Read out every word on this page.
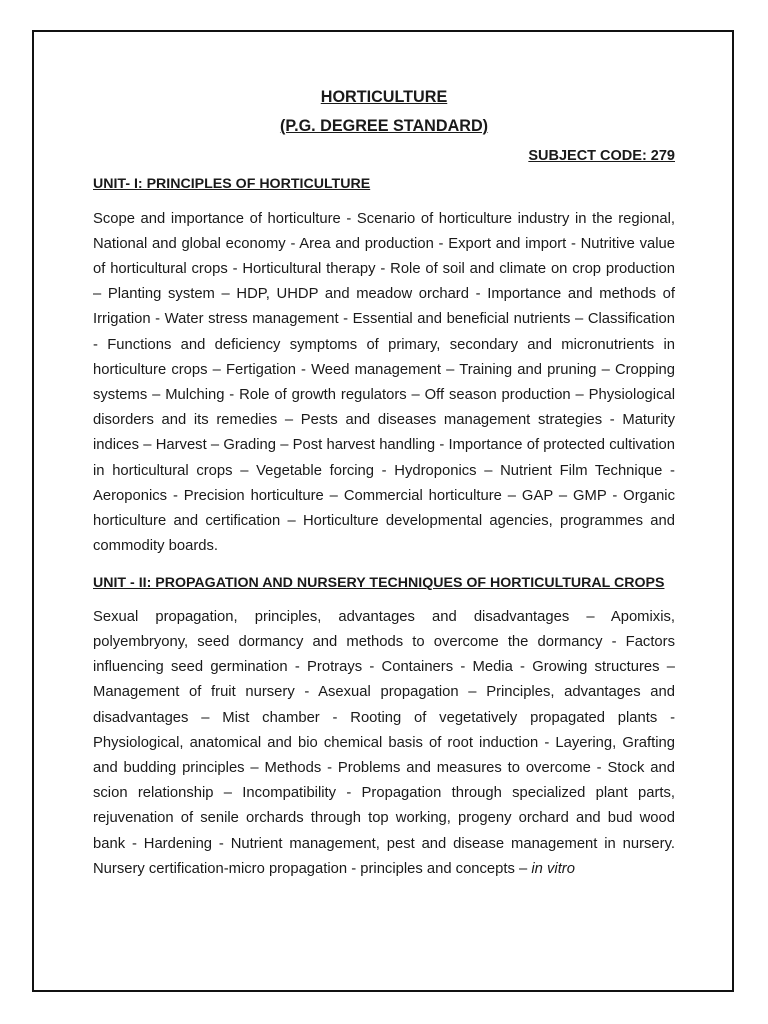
HORTICULTURE

(P.G. DEGREE STANDARD)

SUBJECT CODE: 279

UNIT- I: PRINCIPLES OF HORTICULTURE

Scope and importance of horticulture - Scenario of horticulture industry in the regional, National and global economy - Area and production - Export and import - Nutritive value of horticultural crops - Horticultural therapy - Role of soil and climate on crop production – Planting system – HDP, UHDP and meadow orchard - Importance and methods of Irrigation - Water stress management - Essential and beneficial nutrients – Classification - Functions and deficiency symptoms of primary, secondary and micronutrients in horticulture crops – Fertigation - Weed management – Training and pruning – Cropping systems – Mulching - Role of growth regulators – Off season production – Physiological disorders and its remedies – Pests and diseases management strategies - Maturity indices – Harvest – Grading – Post harvest handling - Importance of protected cultivation in horticultural crops – Vegetable forcing - Hydroponics – Nutrient Film Technique - Aeroponics - Precision horticulture – Commercial horticulture – GAP – GMP - Organic horticulture and certification – Horticulture developmental agencies, programmes and commodity boards.

UNIT - II: PROPAGATION AND NURSERY TECHNIQUES OF HORTICULTURAL CROPS

Sexual propagation, principles, advantages and disadvantages – Apomixis, polyembryony, seed dormancy and methods to overcome the dormancy - Factors influencing seed germination - Protrays - Containers - Media - Growing structures – Management of fruit nursery - Asexual propagation – Principles, advantages and disadvantages – Mist chamber - Rooting of vegetatively propagated plants - Physiological, anatomical and bio chemical basis of root induction - Layering, Grafting and budding principles – Methods - Problems and measures to overcome - Stock and scion relationship – Incompatibility - Propagation through specialized plant parts, rejuvenation of senile orchards through top working, progeny orchard and bud wood bank - Hardening - Nutrient management, pest and disease management in nursery. Nursery certification-micro propagation - principles and concepts – in vitro
